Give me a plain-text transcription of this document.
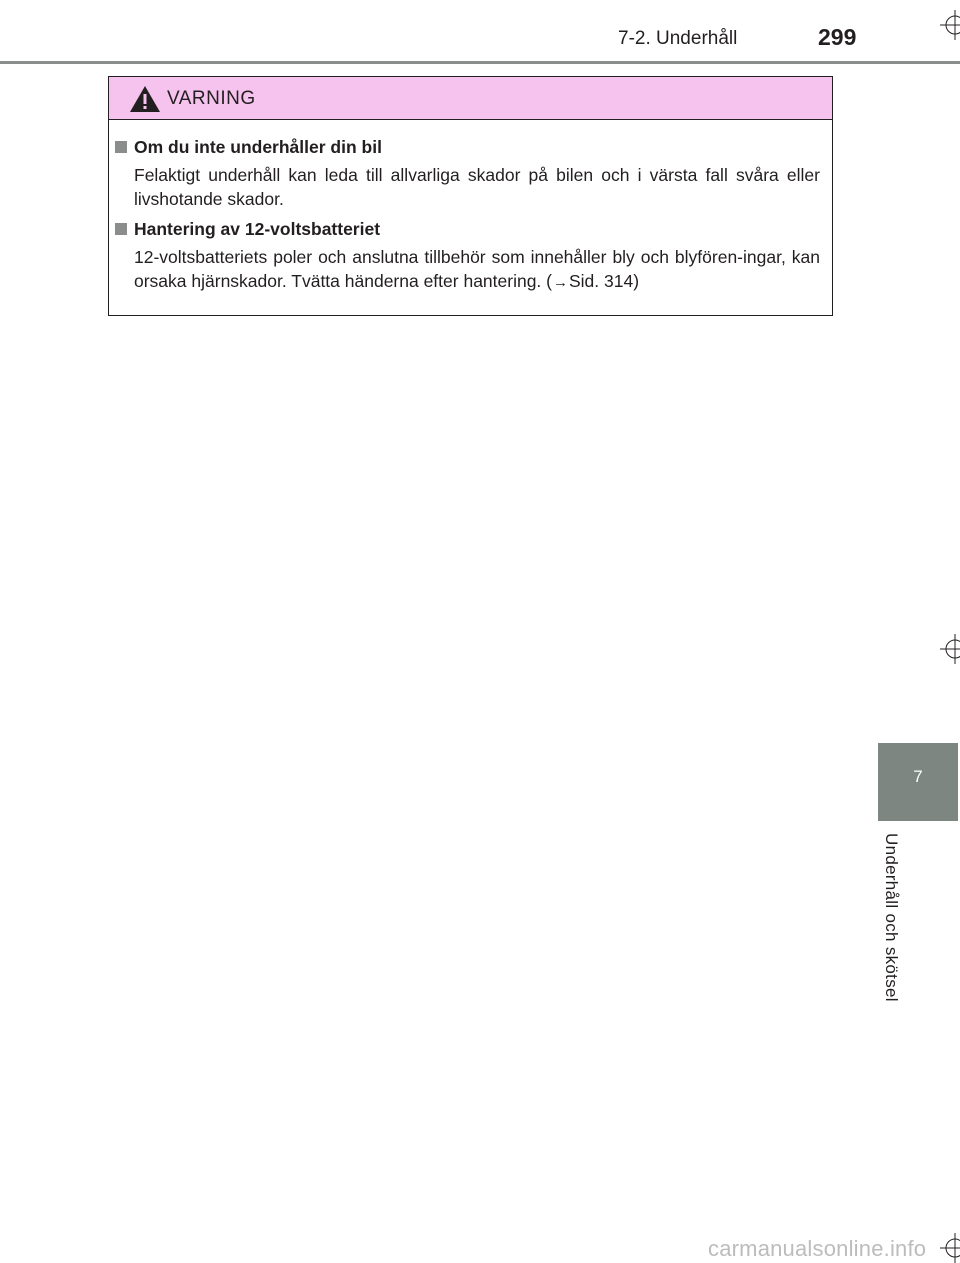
7-2. Underhåll	299
VARNING
Om du inte underhåller din bil
Felaktigt underhåll kan leda till allvarliga skador på bilen och i värsta fall svåra eller livshotande skador.
Hantering av 12-voltsbatteriet
12-voltsbatteriets poler och anslutna tillbehör som innehåller bly och blyfören-ingar, kan orsaka hjärnskador. Tvätta händerna efter hantering. (→Sid. 314)
7
Underhåll och skötsel
carmanualsonline.info
